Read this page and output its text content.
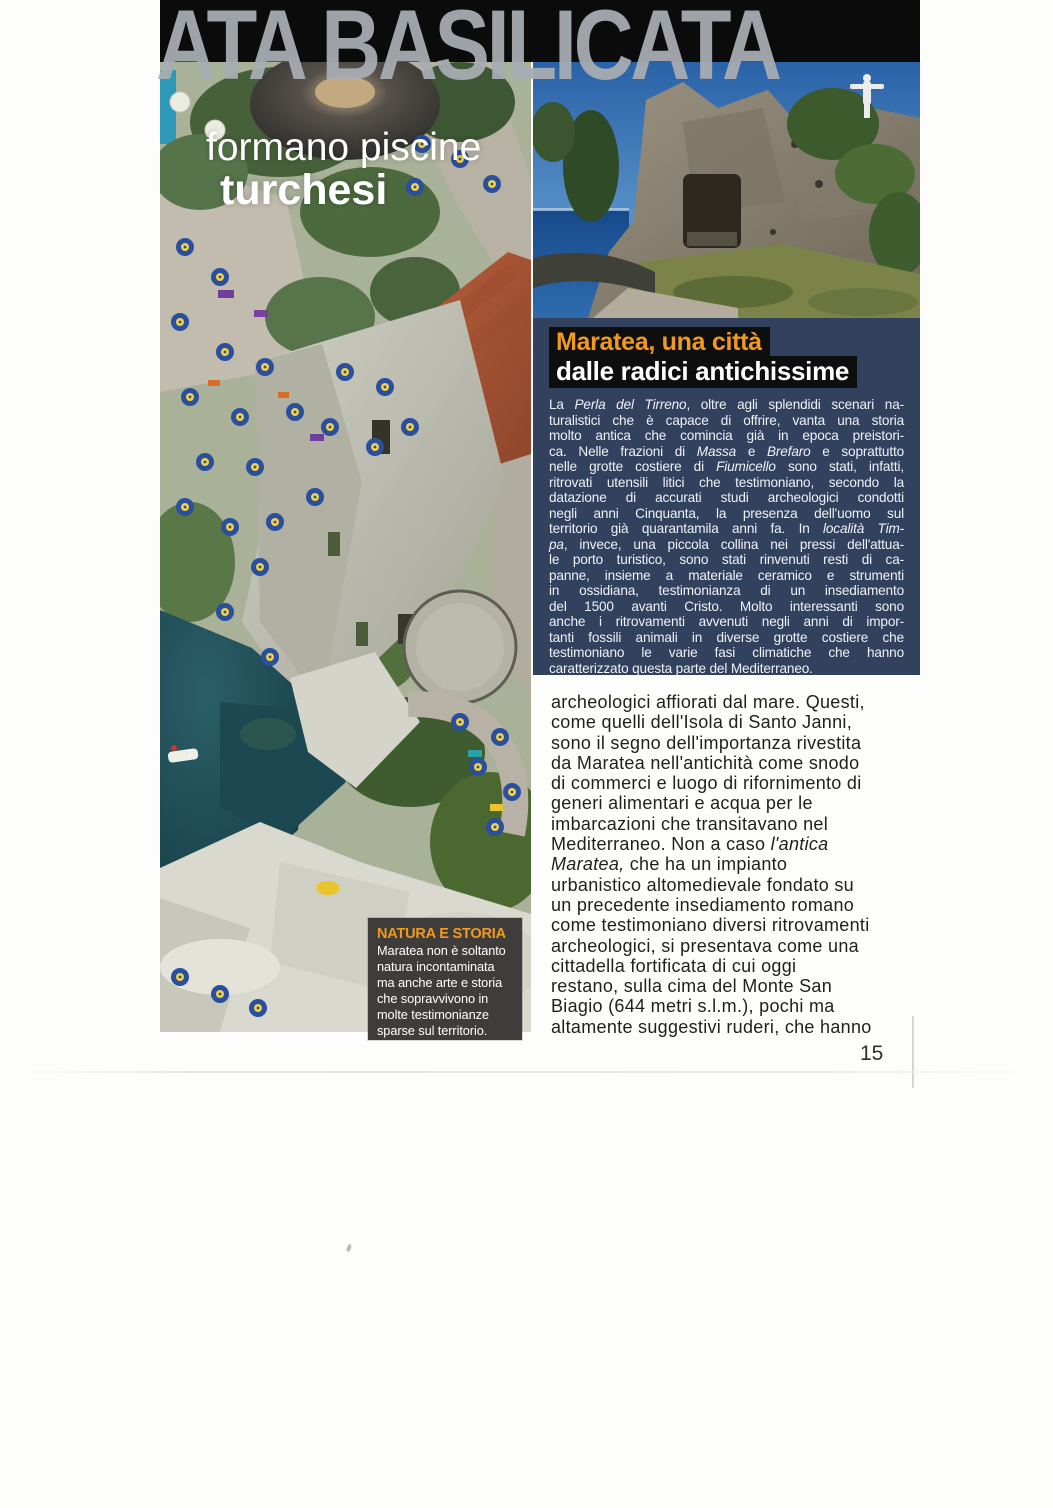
ATA BASILICATA
formano piscine
turchesi
NATURA E STORIA
Maratea non è soltanto
natura incontaminata
ma anche arte e storia
che sopravvivono in
molte testimonianze
sparse sul territorio.
Maratea, una città
dalle radici antichissime
La Perla del Tirreno, oltre agli splendidi scenari na-
turalistici che è capace di offrire, vanta una storia
molto antica che comincia già in epoca preistori-
ca. Nelle frazioni di Massa e Brefaro e soprattutto
nelle grotte costiere di Fiumicello sono stati, infatti,
ritrovati utensili litici che testimoniano, secondo la
datazione di accurati studi archeologici condotti
negli anni Cinquanta, la presenza dell'uomo sul
territorio già quarantamila anni fa. In località Tim-
pa, invece, una piccola collina nei pressi dell'attua-
le porto turistico, sono stati rinvenuti resti di ca-
panne, insieme a materiale ceramico e strumenti
in ossidiana, testimonianza di un insediamento
del 1500 avanti Cristo. Molto interessanti sono
anche i ritrovamenti avvenuti negli anni di impor-
tanti fossili animali in diverse grotte costiere che
testimoniano le varie fasi climatiche che hanno
caratterizzato questa parte del Mediterraneo.
archeologici affiorati dal mare. Questi,
come quelli dell'Isola di Santo Janni,
sono il segno dell'importanza rivestita
da Maratea nell'antichità come snodo
di commerci e luogo di rifornimento di
generi alimentari e acqua per le
imbarcazioni che transitavano nel
Mediterraneo. Non a caso l'antica
Maratea, che ha un impianto
urbanistico altomedievale fondato su
un precedente insediamento romano
come testimoniano diversi ritrovamenti
archeologici, si presentava come una
cittadella fortificata di cui oggi
restano, sulla cima del Monte San
Biagio (644 metri s.l.m.), pochi ma
altamente suggestivi ruderi, che hanno
15
